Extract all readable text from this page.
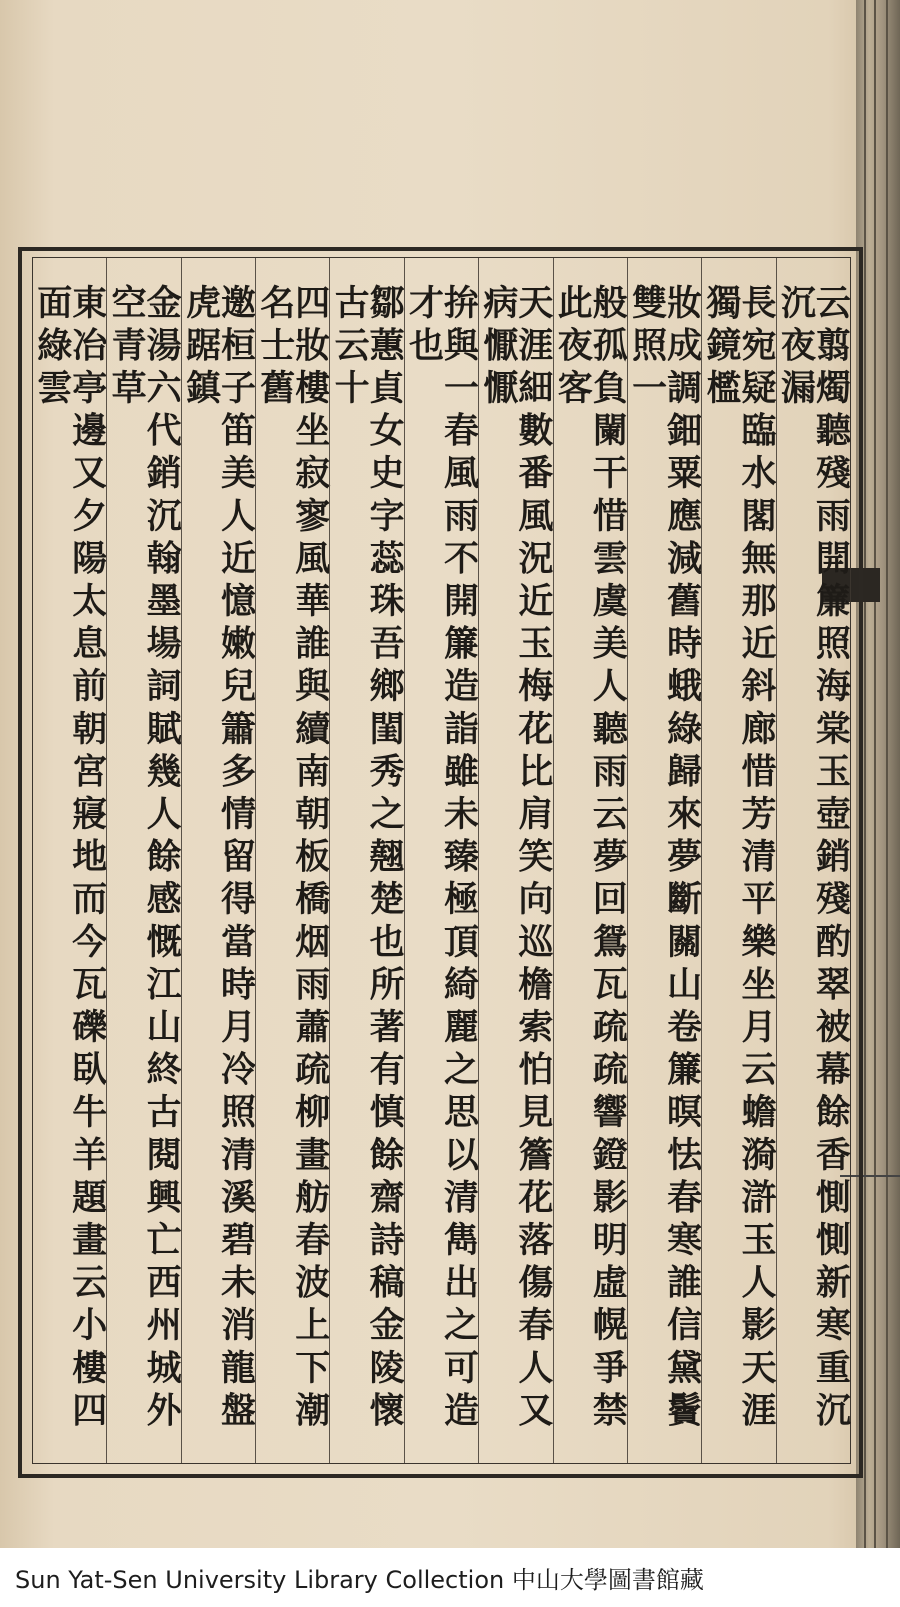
云翦燭聽殘雨開簾照海棠玉壺銷殘酌翠被幕餘香惻惻新寒重沉沉夜漏
長宛疑臨水閣無那近斜廊惜芳清平樂坐月云蟾漪滸玉人影天涯獨鏡檻
妝成調鈿粟應減舊時蛾綠歸來夢斷關山卷簾暝怯春寒誰信黛鬢雙照一
般孤負闌干惜雲虞美人聽雨云夢回鴛瓦疏疏響鐙影明虛幌爭禁此夜客
天涯細數番風況近玉梅花比肩笑向巡檐索怕見簷花落傷春人又病懨懨
拚與一春風雨不開簾造詣雖未臻極頂綺麗之思以清雋出之可造才也
鄒蕙貞女史字蕊珠吾鄉閨秀之翹楚也所著有慎餘齋詩稿金陵懷古云十
四妝樓坐寂寥風華誰與續南朝板橋烟雨蕭疏柳畫舫春波上下潮名士舊
邀桓子笛美人近憶嫩兒簫多情留得當時月冷照清溪碧未消龍盤虎踞鎮
金湯六代銷沉翰墨場詞賦幾人餘感慨江山終古閱興亡西州城外空青草
東冶亭邊又夕陽太息前朝宮寢地而今瓦礫臥牛羊題畫云小樓四面綠雲
Sun Yat-Sen University Library Collection 中山大學圖書館藏
